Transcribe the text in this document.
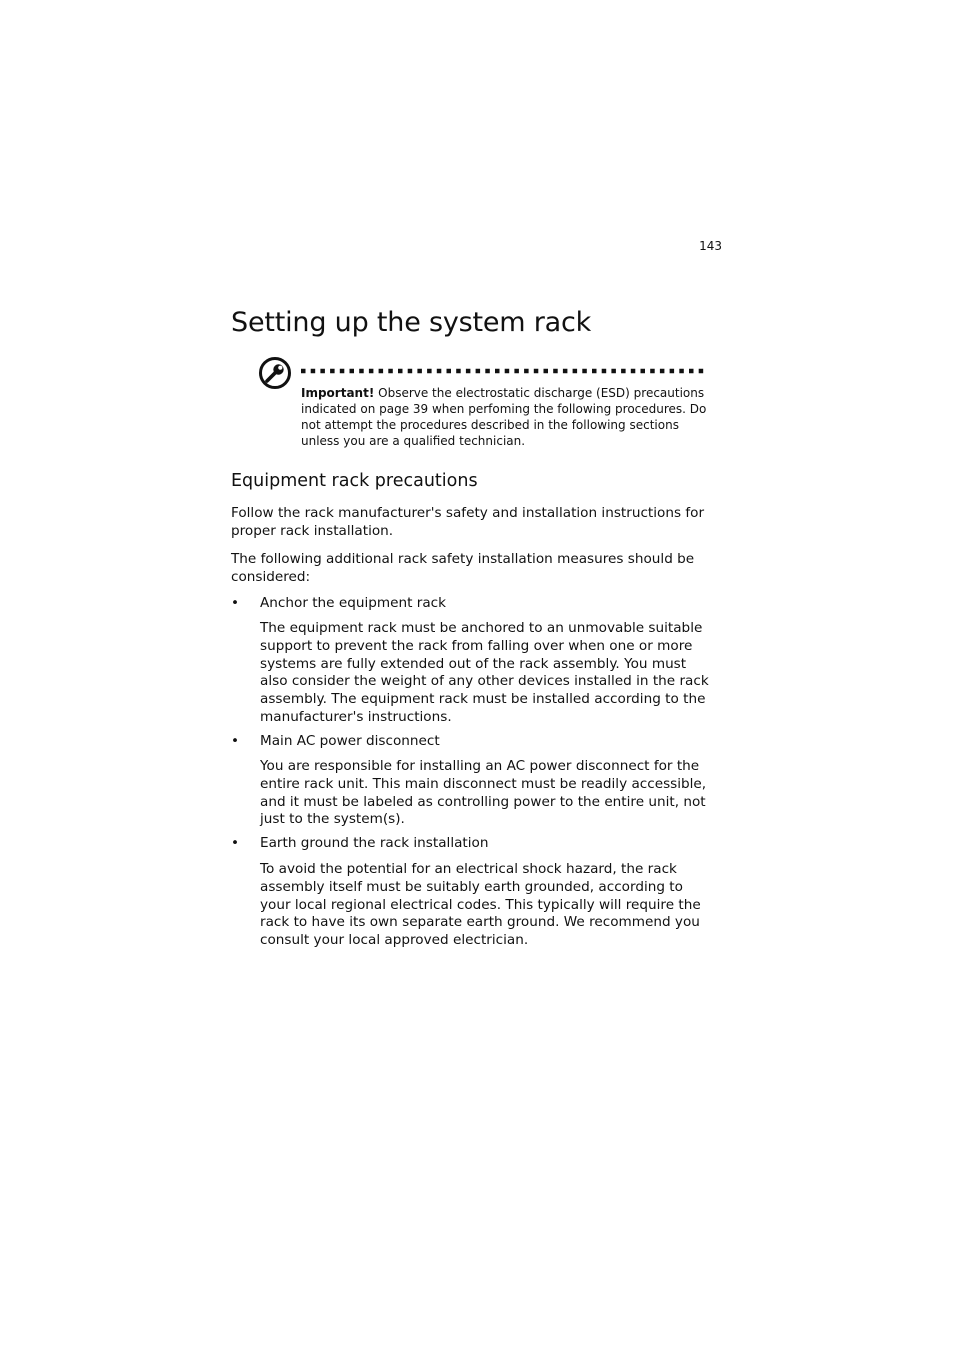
143
Setting up the system rack
Important! Observe the electrostatic discharge (ESD) precautions indicated on page 39 when perfoming the following procedures. Do not attempt the procedures described in the following sections unless you are a qualified technician.
Equipment rack precautions

Follow the rack manufacturer's safety and installation instructions for proper rack installation.

The following additional rack safety installation measures should be considered:

• Anchor the equipment rack

The equipment rack must be anchored to an unmovable suitable support to prevent the rack from falling over when one or more systems are fully extended out of the rack assembly. You must also consider the weight of any other devices installed in the rack assembly. The equipment rack must be installed according to the manufacturer's instructions.

• Main AC power disconnect

You are responsible for installing an AC power disconnect for the entire rack unit. This main disconnect must be readily accessible, and it must be labeled as controlling power to the entire unit, not just to the system(s).

• Earth ground the rack installation

To avoid the potential for an electrical shock hazard, the rack assembly itself must be suitably earth grounded, according to your local regional electrical codes. This typically will require the rack to have its own separate earth ground. We recommend you consult your local approved electrician.
